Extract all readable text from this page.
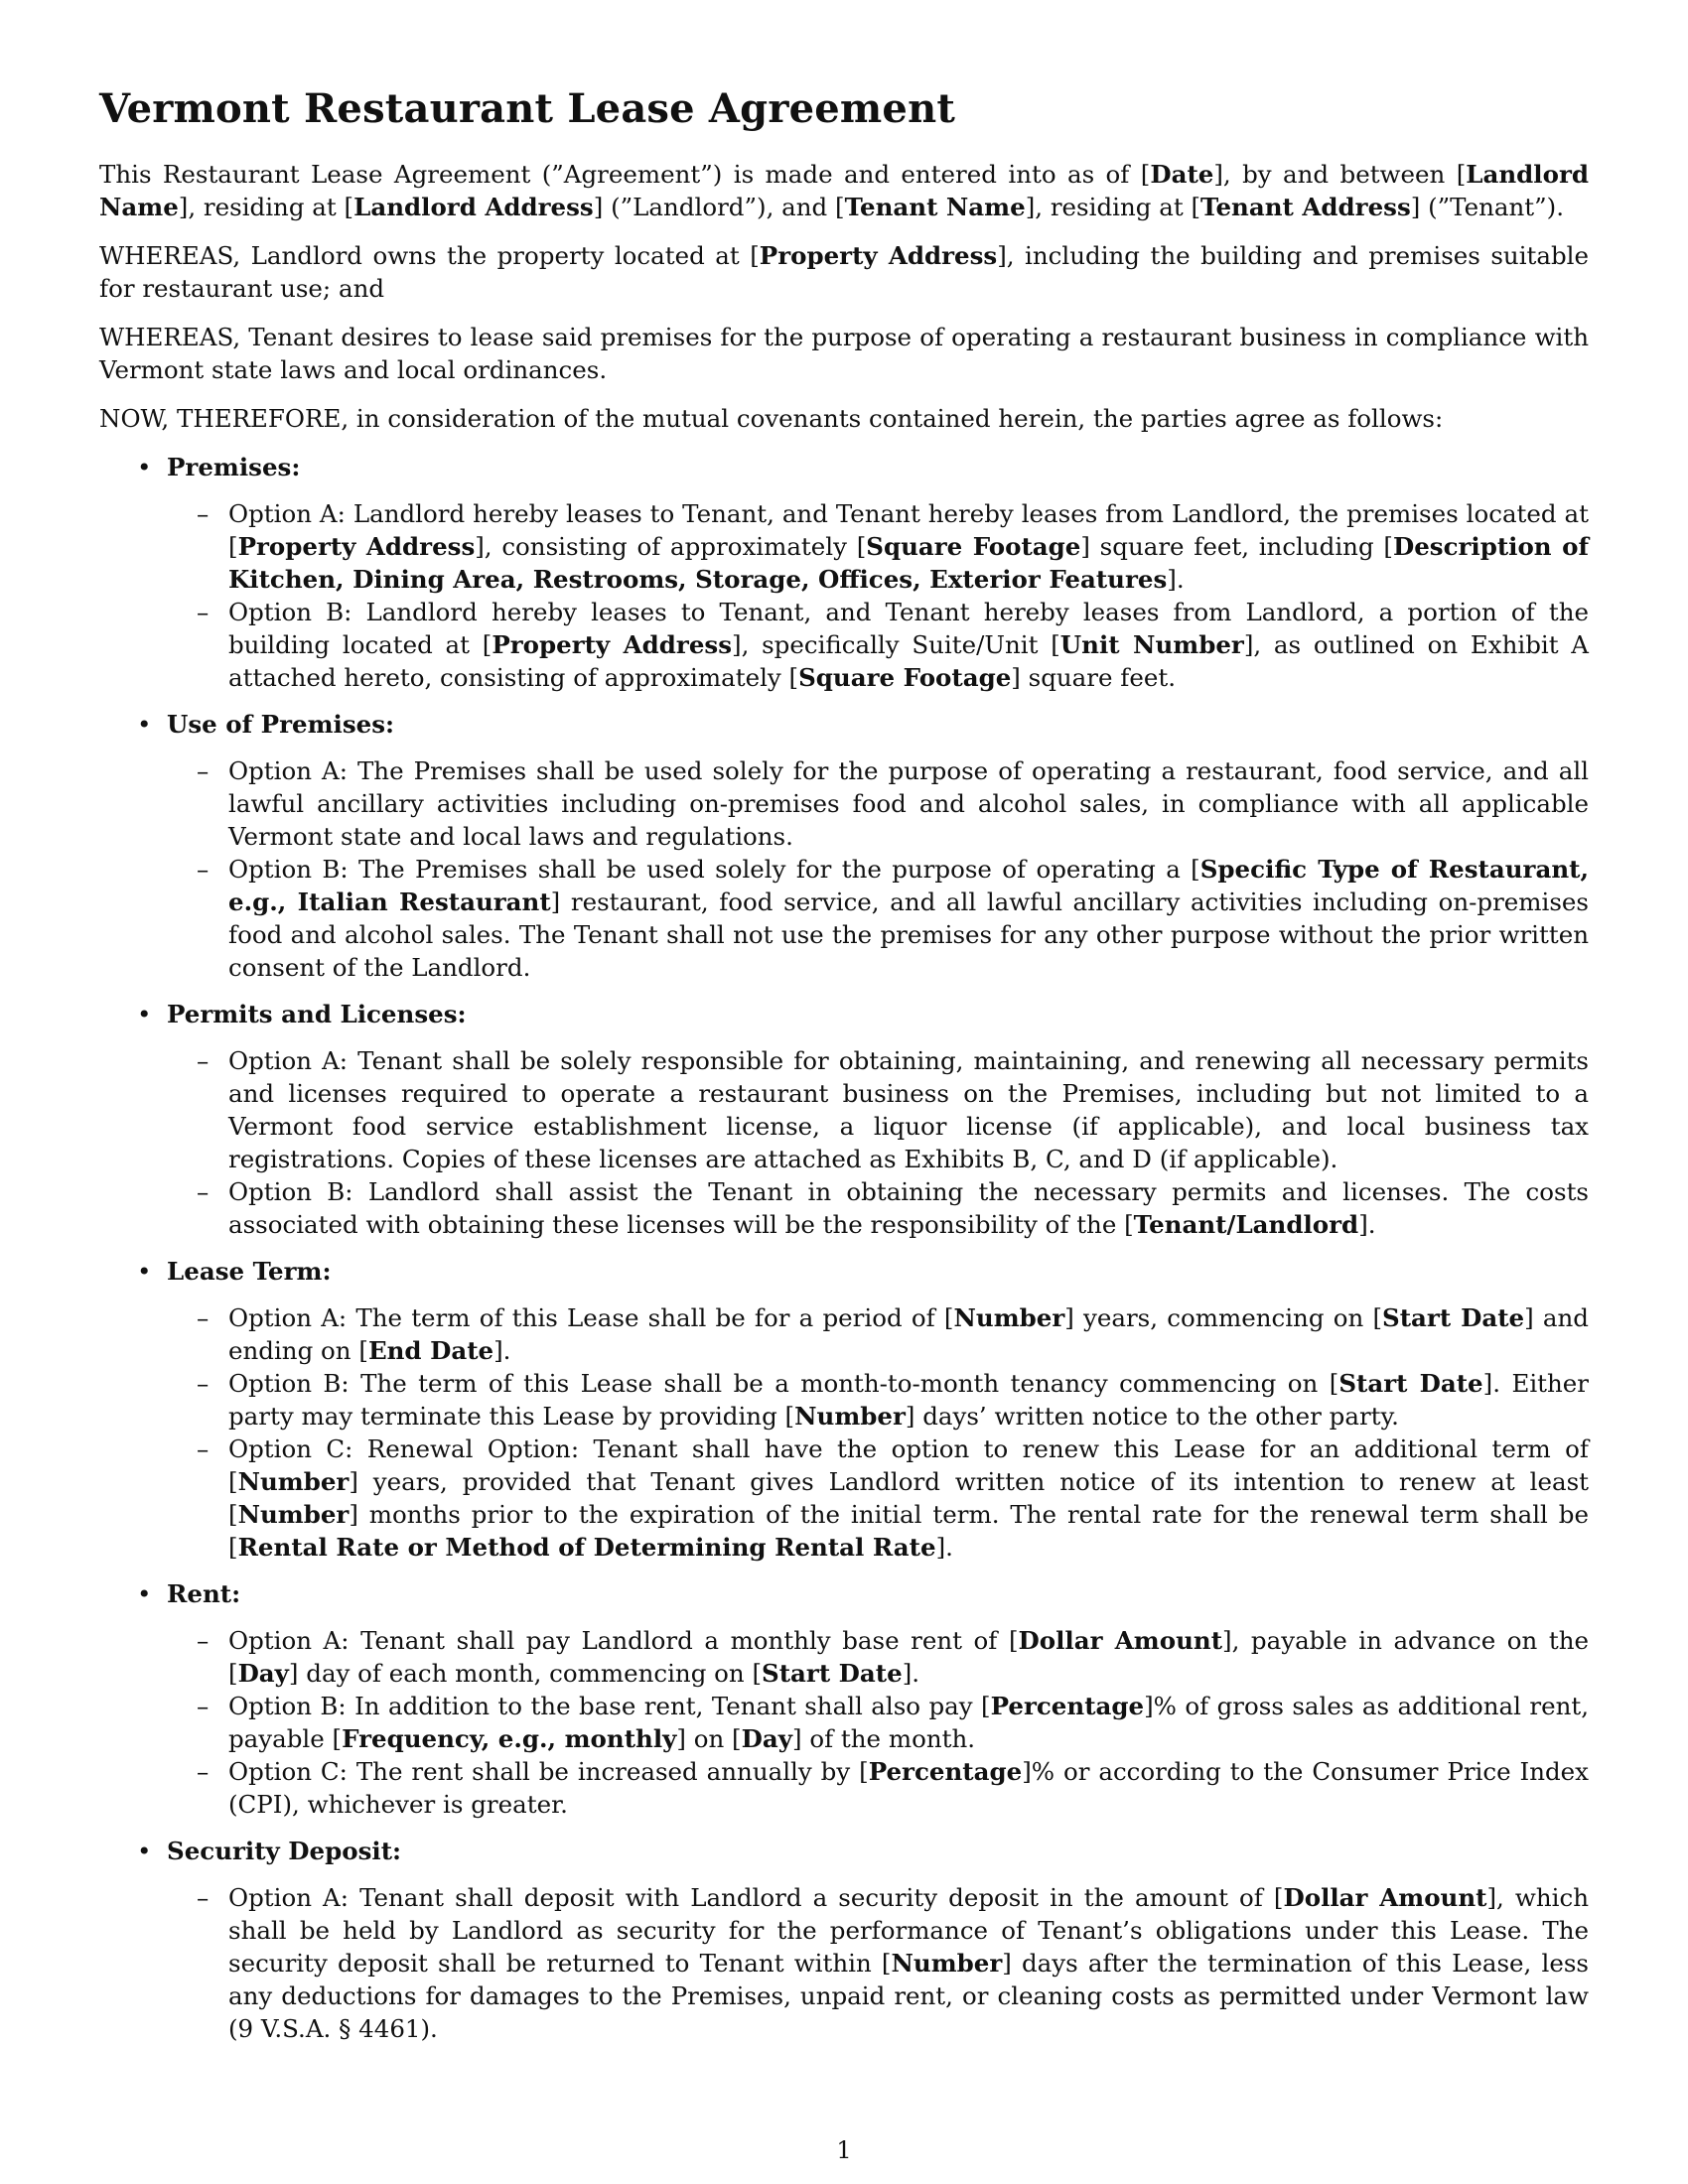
Vermont Restaurant Lease Agreement

This Restaurant Lease Agreement (”Agreement”) is made and entered into as of [Date], by and between [Landlord Name], residing at [Landlord Address] (”Landlord”), and [Tenant Name], residing at [Tenant Address] (”Tenant”).

WHEREAS, Landlord owns the property located at [Property Address], including the building and premises suitable for restaurant use; and

WHEREAS, Tenant desires to lease said premises for the purpose of operating a restaurant business in compliance with Vermont state laws and local ordinances.

NOW, THEREFORE, in consideration of the mutual covenants contained herein, the parties agree as follows:

• Premises:
– Option A: Landlord hereby leases to Tenant, and Tenant hereby leases from Landlord, the premises located at [Property Address], consisting of approximately [Square Footage] square feet, including [Description of Kitchen, Dining Area, Restrooms, Storage, Offices, Exterior Features].
– Option B: Landlord hereby leases to Tenant, and Tenant hereby leases from Landlord, a portion of the building located at [Property Address], specifically Suite/Unit [Unit Number], as outlined on Exhibit A attached hereto, consisting of approximately [Square Footage] square feet.
• Use of Premises:
– Option A: The Premises shall be used solely for the purpose of operating a restaurant, food service, and all lawful ancillary activities including on-premises food and alcohol sales, in compliance with all applicable Vermont state and local laws and regulations.
– Option B: The Premises shall be used solely for the purpose of operating a [Specific Type of Restaurant, e.g., Italian Restaurant] restaurant, food service, and all lawful ancillary activities including on-premises food and alcohol sales. The Tenant shall not use the premises for any other purpose without the prior written consent of the Landlord.
• Permits and Licenses:
– Option A: Tenant shall be solely responsible for obtaining, maintaining, and renewing all necessary permits and licenses required to operate a restaurant business on the Premises, including but not limited to a Vermont food service establishment license, a liquor license (if applicable), and local business tax registrations. Copies of these licenses are attached as Exhibits B, C, and D (if applicable).
– Option B: Landlord shall assist the Tenant in obtaining the necessary permits and licenses. The costs associated with obtaining these licenses will be the responsibility of the [Tenant/Landlord].
• Lease Term:
– Option A: The term of this Lease shall be for a period of [Number] years, commencing on [Start Date] and ending on [End Date].
– Option B: The term of this Lease shall be a month-to-month tenancy commencing on [Start Date]. Either party may terminate this Lease by providing [Number] days’ written notice to the other party.
– Option C: Renewal Option: Tenant shall have the option to renew this Lease for an additional term of [Number] years, provided that Tenant gives Landlord written notice of its intention to renew at least [Number] months prior to the expiration of the initial term. The rental rate for the renewal term shall be [Rental Rate or Method of Determining Rental Rate].
• Rent:
– Option A: Tenant shall pay Landlord a monthly base rent of [Dollar Amount], payable in advance on the [Day] day of each month, commencing on [Start Date].
– Option B: In addition to the base rent, Tenant shall also pay [Percentage]% of gross sales as additional rent, payable [Frequency, e.g., monthly] on [Day] of the month.
– Option C: The rent shall be increased annually by [Percentage]% or according to the Consumer Price Index (CPI), whichever is greater.
• Security Deposit:
– Option A: Tenant shall deposit with Landlord a security deposit in the amount of [Dollar Amount], which shall be held by Landlord as security for the performance of Tenant’s obligations under this Lease. The security deposit shall be returned to Tenant within [Number] days after the termination of this Lease, less any deductions for damages to the Premises, unpaid rent, or cleaning costs as permitted under Vermont law (9 V.S.A. § 4461).
1
